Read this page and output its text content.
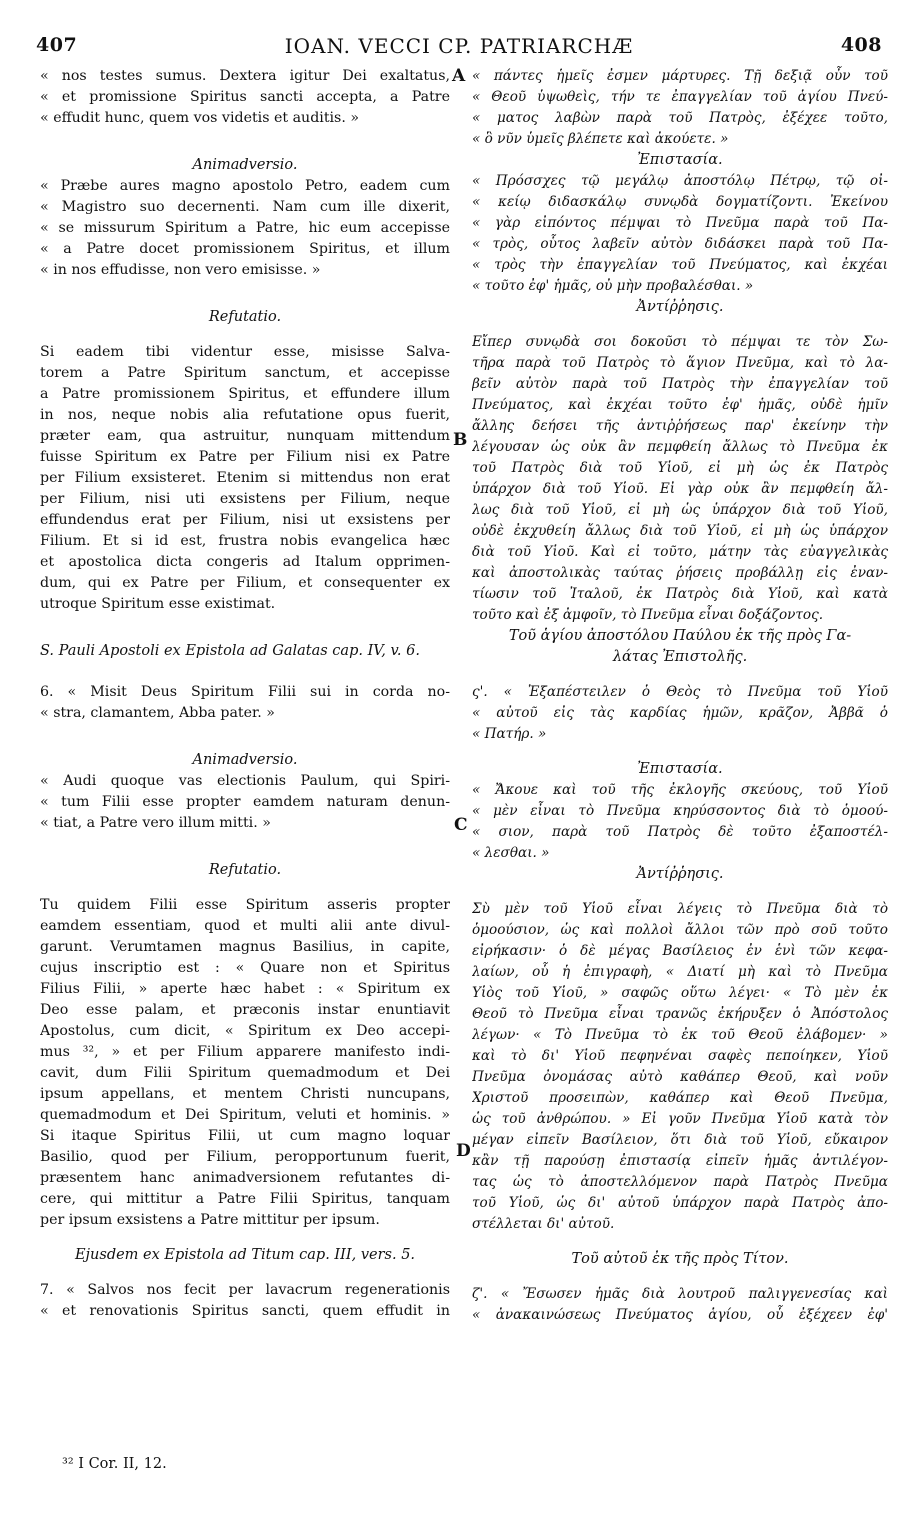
407	IOAN. VECCI CP. PATRIARCHÆ	408
A
B
C
D
« nos testes sumus. Dextera igitur Dei exaltatus,
« et promissione Spiritus sancti accepta, a Patre
« effudit hunc, quem vos videtis et auditis. »
Animadversio.
« Præbe aures magno apostolo Petro, eadem cum
« Magistro suo decernenti. Nam cum ille dixerit,
« se missurum Spiritum a Patre, hic eum accepisse
« a Patre docet promissionem Spiritus, et illum
« in nos effudisse, non vero emisisse. »
Refutatio.
Si eadem tibi videntur esse, misisse Salva-
torem a Patre Spiritum sanctum, et accepisse
a Patre promissionem Spiritus, et effundere illum
in nos, neque nobis alia refutatione opus fuerit,
præter eam, qua astruitur, nunquam mittendum
fuisse Spiritum ex Patre per Filium nisi ex Patre
per Filium exsisteret. Etenim si mittendus non erat
per Filium, nisi uti exsistens per Filium, neque
effundendus erat per Filium, nisi ut exsistens per
Filium. Et si id est, frustra nobis evangelica hæc
et apostolica dicta congeris ad Italum opprimen-
dum, qui ex Patre per Filium, et consequenter ex
utroque Spiritum esse existimat.
S. Pauli Apostoli ex Epistola ad Galatas cap. IV, v. 6.
6. « Misit Deus Spiritum Filii sui in corda no-
« stra, clamantem, Abba pater. »
Animadversio.
« Audi quoque vas electionis Paulum, qui Spiri-
« tum Filii esse propter eamdem naturam denun-
« tiat, a Patre vero illum mitti. »
Refutatio.
Tu quidem Filii esse Spiritum asseris propter
eamdem essentiam, quod et multi alii ante divul-
garunt. Verumtamen magnus Basilius, in capite,
cujus inscriptio est : « Quare non et Spiritus
Filius Filii, » aperte hæc habet : « Spiritum ex
Deo esse palam, et præconis instar enuntiavit
Apostolus, cum dicit, « Spiritum ex Deo accepi-
mus ³², » et per Filium apparere manifesto indi-
cavit, dum Filii Spiritum quemadmodum et Dei
ipsum appellans, et mentem Christi nuncupans,
quemadmodum et Dei Spiritum, veluti et hominis. »
Si itaque Spiritus Filii, ut cum magno loquar
Basilio, quod per Filium, peropportunum fuerit,
præsentem hanc animadversionem refutantes di-
cere, qui mittitur a Patre Filii Spiritus, tanquam
per ipsum exsistens a Patre mittitur per ipsum.
Ejusdem ex Epistola ad Titum cap. III, vers. 5.
7. « Salvos nos fecit per lavacrum regenerationis
« et renovationis Spiritus sancti, quem effudit in
« πάντες ἡμεῖς ἐσμεν μάρτυρες. Τῇ δεξιᾷ οὖν τοῦ
« Θεοῦ ὑψωθεὶς, τήν τε ἐπαγγελίαν τοῦ ἁγίου Πνεύ-
« ματος λαβὼν παρὰ τοῦ Πατρὸς, ἐξέχεε τοῦτο,
« ὃ νῦν ὑμεῖς βλέπετε καὶ ἀκούετε. »
Ἐπιστασία.
« Πρόσσχες τῷ μεγάλῳ ἀποστόλῳ Πέτρῳ, τῷ οἰ-
« κείῳ διδασκάλῳ συνῳδὰ δογματίζοντι. Ἐκείνου
« γὰρ εἰπόντος πέμψαι τὸ Πνεῦμα παρὰ τοῦ Πα-
« τρὸς, οὗτος λαβεῖν αὐτὸν διδάσκει παρὰ τοῦ Πα-
« τρὸς τὴν ἐπαγγελίαν τοῦ Πνεύματος, καὶ ἐκχέαι
« τοῦτο ἐφ' ἡμᾶς, οὐ μὴν προβαλέσθαι. »
Ἀντίῤῥησις.
Εἴπερ συνῳδὰ σοι δοκοῦσι τὸ πέμψαι τε τὸν Σω-
τῆρα παρὰ τοῦ Πατρὸς τὸ ἅγιον Πνεῦμα, καὶ τὸ λα-
βεῖν αὐτὸν παρὰ τοῦ Πατρὸς τὴν ἐπαγγελίαν τοῦ
Πνεύματος, καὶ ἐκχέαι τοῦτο ἐφ' ἡμᾶς, οὐδὲ ἡμῖν
ἄλλης δεήσει τῆς ἀντιῤῥήσεως παρ' ἐκείνην τὴν
λέγουσαν ὡς οὐκ ἂν πεμφθείη ἄλλως τὸ Πνεῦμα ἐκ
τοῦ Πατρὸς διὰ τοῦ Υἱοῦ, εἰ μὴ ὡς ἐκ Πατρὸς
ὑπάρχον διὰ τοῦ Υἱοῦ. Εἰ γὰρ οὐκ ἂν πεμφθείη ἄλ-
λως διὰ τοῦ Υἱοῦ, εἰ μὴ ὡς ὑπάρχον διὰ τοῦ Υἱοῦ,
οὐδὲ ἐκχυθείη ἄλλως διὰ τοῦ Υἱοῦ, εἰ μὴ ὡς ὑπάρχον
διὰ τοῦ Υἱοῦ. Καὶ εἰ τοῦτο, μάτην τὰς εὐαγγελικὰς
καὶ ἀποστολικὰς ταύτας ῥήσεις προβάλλῃ εἰς ἐναν-
τίωσιν τοῦ Ἰταλοῦ, ἐκ Πατρὸς διὰ Υἱοῦ, καὶ κατὰ
τοῦτο καὶ ἐξ ἀμφοῖν, τὸ Πνεῦμα εἶναι δοξάζοντος.
Τοῦ ἁγίου ἀποστόλου Παύλου ἐκ τῆς πρὸς Γα-
λάτας Ἐπιστολῆς.
ς'. « Ἐξαπέστειλεν ὁ Θεὸς τὸ Πνεῦμα τοῦ Υἱοῦ
« αὐτοῦ εἰς τὰς καρδίας ἡμῶν, κρᾶζον, Ἀββᾶ ὁ
« Πατήρ. »
Ἐπιστασία.
« Ἄκουε καὶ τοῦ τῆς ἐκλογῆς σκεύους, τοῦ Υἱοῦ
« μὲν εἶναι τὸ Πνεῦμα κηρύσσοντος διὰ τὸ ὁμοού-
« σιον, παρὰ τοῦ Πατρὸς δὲ τοῦτο ἐξαποστέλ-
« λεσθαι. »
Ἀντίῤῥησις.
Σὺ μὲν τοῦ Υἱοῦ εἶναι λέγεις τὸ Πνεῦμα διὰ τὸ
ὁμοούσιον, ὡς καὶ πολλοὶ ἄλλοι τῶν πρὸ σοῦ τοῦτο
εἰρήκασιν· ὁ δὲ μέγας Βασίλειος ἐν ἑνὶ τῶν κεφα-
λαίων, οὗ ἡ ἐπιγραφὴ, « Διατί μὴ καὶ τὸ Πνεῦμα
Υἱὸς τοῦ Υἱοῦ, » σαφῶς οὕτω λέγει· « Τὸ μὲν ἐκ
Θεοῦ τὸ Πνεῦμα εἶναι τρανῶς ἐκήρυξεν ὁ Ἀπόστολος
λέγων· « Τὸ Πνεῦμα τὸ ἐκ τοῦ Θεοῦ ἐλάβομεν· »
καὶ τὸ δι' Υἱοῦ πεφηνέναι σαφὲς πεποίηκεν, Υἱοῦ
Πνεῦμα ὀνομάσας αὐτὸ καθάπερ Θεοῦ, καὶ νοῦν
Χριστοῦ προσειπὼν, καθάπερ καὶ Θεοῦ Πνεῦμα,
ὡς τοῦ ἀνθρώπου. » Εἰ γοῦν Πνεῦμα Υἱοῦ κατὰ τὸν
μέγαν εἰπεῖν Βασίλειον, ὅτι διὰ τοῦ Υἱοῦ, εὔκαιρον
κἂν τῇ παρούσῃ ἐπιστασίᾳ εἰπεῖν ἡμᾶς ἀντιλέγον-
τας ὡς τὸ ἀποστελλόμενον παρὰ Πατρὸς Πνεῦμα
τοῦ Υἱοῦ, ὡς δι' αὐτοῦ ὑπάρχον παρὰ Πατρὸς ἀπο-
στέλλεται δι' αὐτοῦ.
Τοῦ αὐτοῦ ἐκ τῆς πρὸς Τίτον.
ζ'. « Ἔσωσεν ἡμᾶς διὰ λουτροῦ παλιγγενεσίας καὶ
« ἀνακαινώσεως Πνεύματος ἁγίου, οὗ ἐξέχεεν ἐφ'
³² I Cor. II, 12.
